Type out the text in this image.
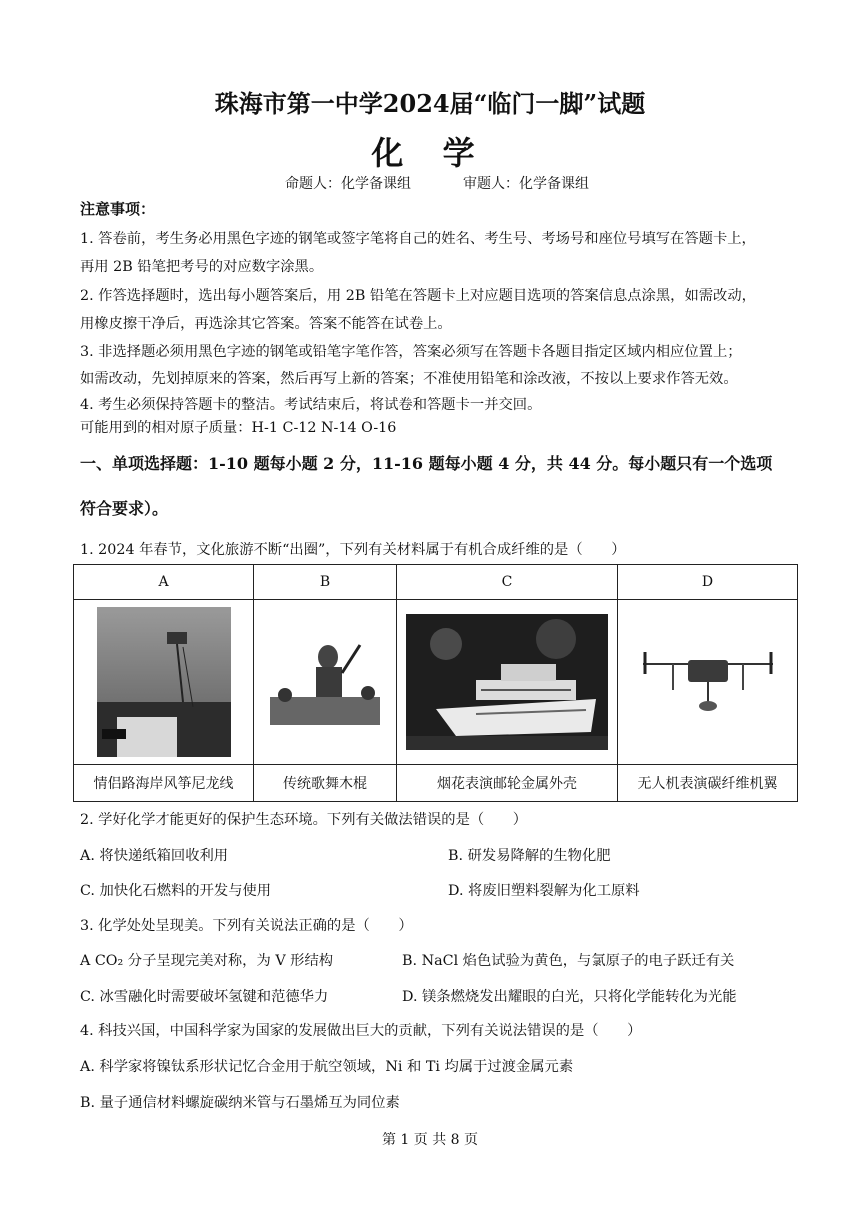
珠海市第一中学2024届“临门一脚”试题
化 学
命题人：化学备课组	审题人：化学备课组
注意事项：
1. 答卷前，考生务必用黑色字迹的钢笔或签字笔将自己的姓名、考生号、考场号和座位号填写在答题卡上，
再用 2B 铅笔把考号的对应数字涂黑。
2. 作答选择题时，选出每小题答案后，用 2B 铅笔在答题卡上对应题目选项的答案信息点涂黑，如需改动，
用橡皮擦干净后，再选涂其它答案。答案不能答在试卷上。
3. 非选择题必须用黑色字迹的钢笔或铅笔字笔作答，答案必须写在答题卡各题目指定区域内相应位置上；
如需改动，先划掉原来的答案，然后再写上新的答案；不准使用铅笔和涂改液，不按以上要求作答无效。
4. 考生必须保持答题卡的整洁。考试结束后，将试卷和答题卡一并交回。
可能用到的相对原子质量：H-1 C-12 N-14 O-16
一、单项选择题：1-10 题每小题 2 分，11-16 题每小题 4 分，共 44 分。每小题只有一个选项
符合要求）。
1. 2024 年春节，文化旅游不断“出圈”，下列有关材料属于有机合成纤维的是（　　）
A	B	C	D

情侣路海岸风筝尼龙线	传统歌舞木棍	烟花表演邮轮金属外壳	无人机表演碳纤维机翼
2. 学好化学才能更好的保护生态环境。下列有关做法错误的是（　　）
A. 将快递纸箱回收利用	B. 研发易降解的生物化肥
C. 加快化石燃料的开发与使用	D. 将废旧塑料裂解为化工原料
3. 化学处处呈现美。下列有关说法正确的是（　　）
A CO₂ 分子呈现完美对称，为 V 形结构	B. NaCl 焰色试验为黄色，与氯原子的电子跃迁有关
C. 冰雪融化时需要破坏氢键和范德华力	D. 镁条燃烧发出耀眼的白光，只将化学能转化为光能
4. 科技兴国，中国科学家为国家的发展做出巨大的贡献，下列有关说法错误的是（　　）
A. 科学家将镍钛系形状记忆合金用于航空领域，Ni 和 Ti 均属于过渡金属元素
B. 量子通信材料螺旋碳纳米管与石墨烯互为同位素
第 1 页 共 8 页
